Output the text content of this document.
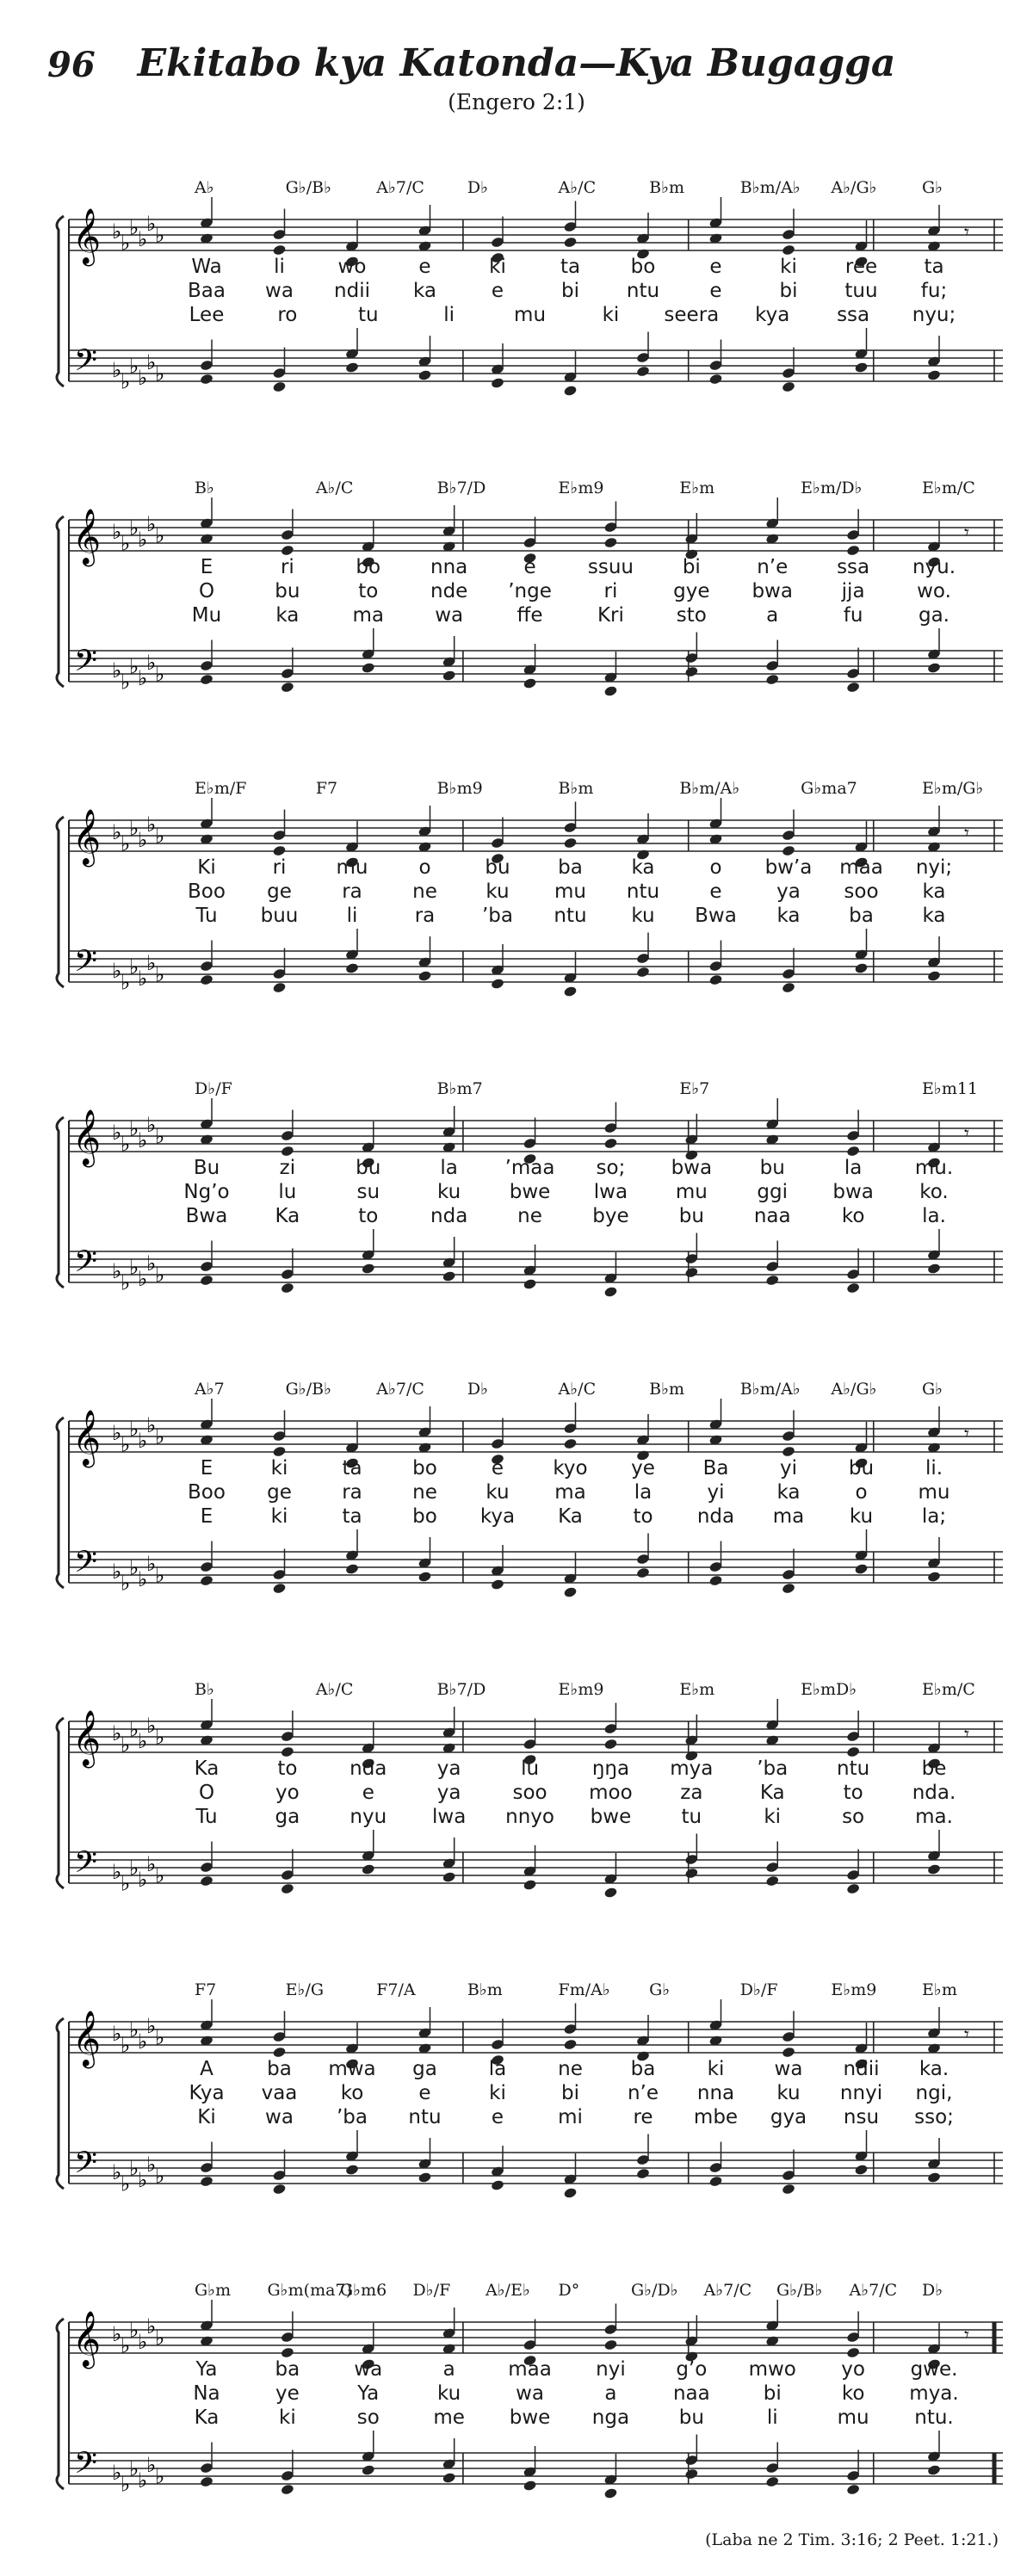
96	Ekitabo kya Katonda—Kya Bugagga
(Engero 2:1)
𝄞
𝄢
♭
♭
♭
♭
♭
♭
♭
♭
♭
♭
♭
♭
𝄾
A♭	G♭/B♭	A♭7/C	D♭	A♭/C	B♭m	B♭m/A♭ A♭/G♭	G♭
Wa	li	wo	e	ki	ta	bo	e	ki ree ta
Baa wa ndii ka	e	bi ntu	e	bi tuu fu;
Lee	ro	tu	li	mu	ki seera kya ssa nyu;
𝄞
𝄢
♭
♭
♭
♭
♭
♭
♭
♭
♭
♭
♭
♭
𝄾
B♭	A♭/C	B♭7/D	E♭m9	E♭m	E♭m/D♭	E♭m/C
E	ri	bo	nna	e	ssuu bi	n’e ssa nyu.
O	bu	to	nde ’nge	ri	gye bwa jja	wo.
Mu	ka	ma	wa	ffe	Kri	sto	a	fu	ga.
𝄞
𝄢
♭
♭
♭
♭
♭
♭
♭
♭
♭
♭
♭
♭
𝄾
E♭m/F	F7	B♭m9	B♭m	B♭m/A♭	G♭ma7	E♭m/G♭
Ki	ri	mu	o	bu ba ka	o bw’a maa nyi;
Boo ge	ra	ne ku mu ntu	e	ya soo ka
Tu buu li	ra ’ba ntu ku Bwa ka ba ka
𝄞
𝄢
♭
♭
♭
♭
♭
♭
♭
♭
♭
♭
♭
♭
𝄾
D♭/F	B♭m7	E♭7	E♭m11
Bu	zi	bu	la ’maa so; bwa bu	la	mu.
Ng’o lu	su	ku bwe lwa mu	ggi bwa ko.
Bwa Ka	to	nda	ne	bye	bu	naa	ko	la.
𝄞
𝄢
♭
♭
♭
♭
♭
♭
♭
♭
♭
♭
♭
♭
𝄾
A♭7	G♭/B♭	A♭7/C	D♭	A♭/C	B♭m	B♭m/A♭ A♭/G♭	G♭
E	ki	ta	bo	e kyo ye Ba	yi	bu	li.
Boo ge	ra	ne ku ma la	yi	ka	o	mu
E	ki	ta	bo kya Ka	to nda ma ku la;
𝄞
𝄢
♭
♭
♭
♭
♭
♭
♭
♭
♭
♭
♭
♭
𝄾
B♭	A♭/C	B♭7/D	E♭m9	E♭m	E♭mD♭	E♭m/C
Ka	to	nda	ya	lu	ŋŋa mya ’ba ntu	be
O	yo	e	ya	soo moo za	Ka	to nda.
Tu	ga	nyu lwa nnyo bwe	tu	ki	so	ma.
𝄞
𝄢
♭
♭
♭
♭
♭
♭
♭
♭
♭
♭
♭
♭
𝄾
F7	E♭/G	F7/A	B♭m	Fm/A♭ G♭	D♭/F	E♭m9	E♭m
A	ba mwa ga	la	ne ba	ki	wa ndii ka.
Kya vaa ko	e	ki	bi n’e nna ku nnyi ngi,
Ki wa ’ba ntu	e	mi	re mbe gya nsu sso;
𝄞
𝄢
♭
♭
♭
♭
♭
♭
♭
♭
♭
♭
♭
♭
𝄾
G♭m G♭m(ma7)
G♭m6 D♭/F A♭/E♭ D°	G♭/D♭ A♭7/C G♭/B♭ A♭7/C D♭
Ya	ba	wa	a	maa nyi	g’o mwo yo gwe.
Na	ye	Ya	ku	wa	a	naa	bi	ko mya.
Ka	ki	so	me bwe nga	bu	li	mu ntu.
(Laba ne 2 Tim. 3:16; 2 Peet. 1:21.)
